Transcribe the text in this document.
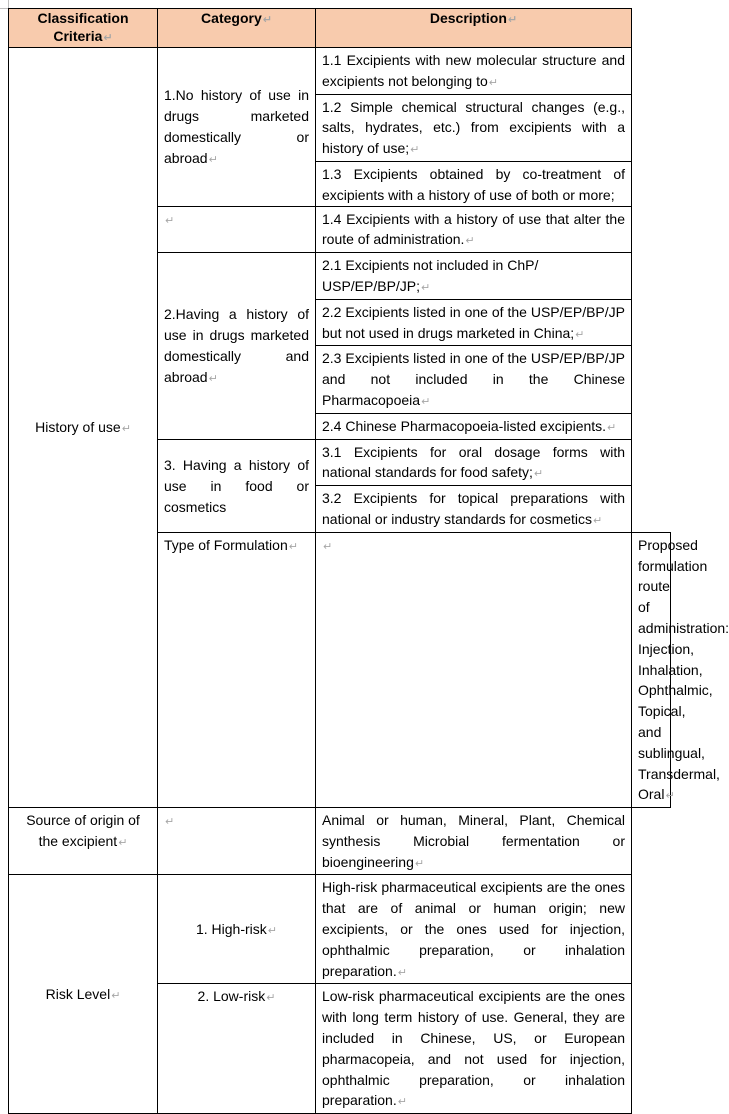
Classification Criteria↵	Category↵	Description↵	
History of use↵	1.No history of use in drugs marketed domestically or abroad↵	1.1 Excipients with new molecular structure and excipients not belonging to↵	
		1.2 Simple chemical structural changes (e.g., salts, hydrates, etc.) from excipients with a history of use;↵	
		1.3 Excipients obtained by co-treatment of excipients with a history of use of both or more;	
	↵	1.4 Excipients with a history of use that alter the route of administration.↵	
	2.Having a history of use in drugs marketed domestically and abroad↵	2.1 Excipients not included in ChP/ USP/EP/BP/JP;↵	
		2.2 Excipients listed in one of the USP/EP/BP/JP but not used in drugs marketed in China;↵	
		2.3 Excipients listed in one of the USP/EP/BP/JP and not included in the Chinese Pharmacopoeia↵	
		2.4 Chinese Pharmacopoeia-listed excipients.↵	
	3. Having a history of use in food or cosmetics	3.1 Excipients for oral dosage forms with national standards for food safety;↵	
		3.2 Excipients for topical preparations with national or industry standards for cosmetics↵	
	Type of Formulation↵	↵	Proposed formulation route of administration: Injection, Inhalation, Ophthalmic, Topical, and sublingual, Transdermal, Oral↵
Source of origin of the excipient↵	↵	Animal or human, Mineral, Plant, Chemical synthesis Microbial fermentation or bioengineering↵	
Risk Level↵	1. High-risk↵	High-risk pharmaceutical excipients are the ones that are of animal or human origin; new excipients, or the ones used for injection, ophthalmic preparation, or inhalation preparation.↵	
	2. Low-risk↵	Low-risk pharmaceutical excipients are the ones with long term history of use. General, they are included in Chinese, US, or European pharmacopeia, and not used for injection, ophthalmic preparation, or inhalation preparation.↵	
